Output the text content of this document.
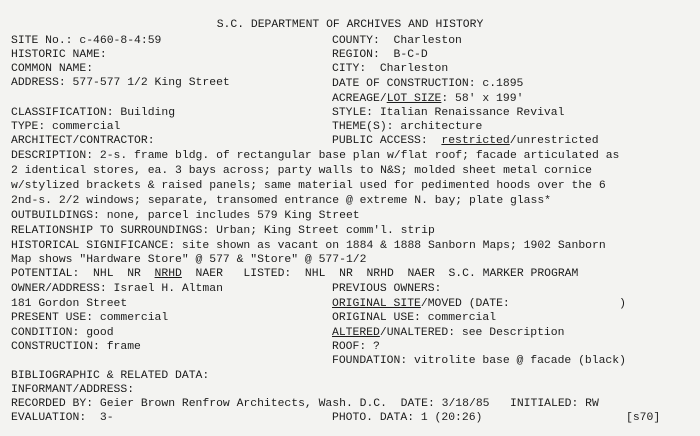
S.C. DEPARTMENT OF ARCHIVES AND HISTORY
SITE No.: c-460-8-4:59
HISTORIC NAME:
COMMON NAME:
ADDRESS: 577-577 1/2 King Street
CLASSIFICATION: Building
TYPE: commercial
ARCHITECT/CONTRACTOR:
COUNTY:  Charleston
REGION:  B-C-D
CITY:  Charleston
DATE OF CONSTRUCTION: c.1895
ACREAGE/LOT SIZE: 58' x 199'
STYLE: Italian Renaissance Revival
THEME(S): architecture
PUBLIC ACCESS:  restricted/unrestricted
DESCRIPTION: 2-s. frame bldg. of rectangular base plan w/flat roof; facade articulated as
2 identical stores, ea. 3 bays across; party walls to N&S; molded sheet metal cornice
w/stylized brackets & raised panels; same material used for pedimented hoods over the 6
2nd-s. 2/2 windows; separate, transomed entrance @ extreme N. bay; plate glass*
OUTBUILDINGS: none, parcel includes 579 King Street
RELATIONSHIP TO SURROUNDINGS: Urban; King Street comm'l. strip
HISTORICAL SIGNIFICANCE: site shown as vacant on 1884 & 1888 Sanborn Maps; 1902 Sanborn
Map shows "Hardware Store" @ 577 & "Store" @ 577-1/2
POTENTIAL:  NHL  NR  NRHD  NAER   LISTED:  NHL  NR  NRHD  NAER  S.C. MARKER PROGRAM
OWNER/ADDRESS: Israel H. Altman
181 Gordon Street
PRESENT USE: commercial
CONDITION: good
CONSTRUCTION: frame
PREVIOUS OWNERS:
ORIGINAL SITE/MOVED (DATE:                )
ORIGINAL USE: commercial
ALTERED/UNALTERED: see Description
ROOF: ?
FOUNDATION: vitrolite base @ facade (black)
BIBLIOGRAPHIC & RELATED DATA:
INFORMANT/ADDRESS:
RECORDED BY: Geier Brown Renfrow Architects, Wash. D.C.  DATE: 3/18/85   INITIALED: RW
EVALUATION:  3-	PHOTO. DATA: 1 (20:26)	[s70]
